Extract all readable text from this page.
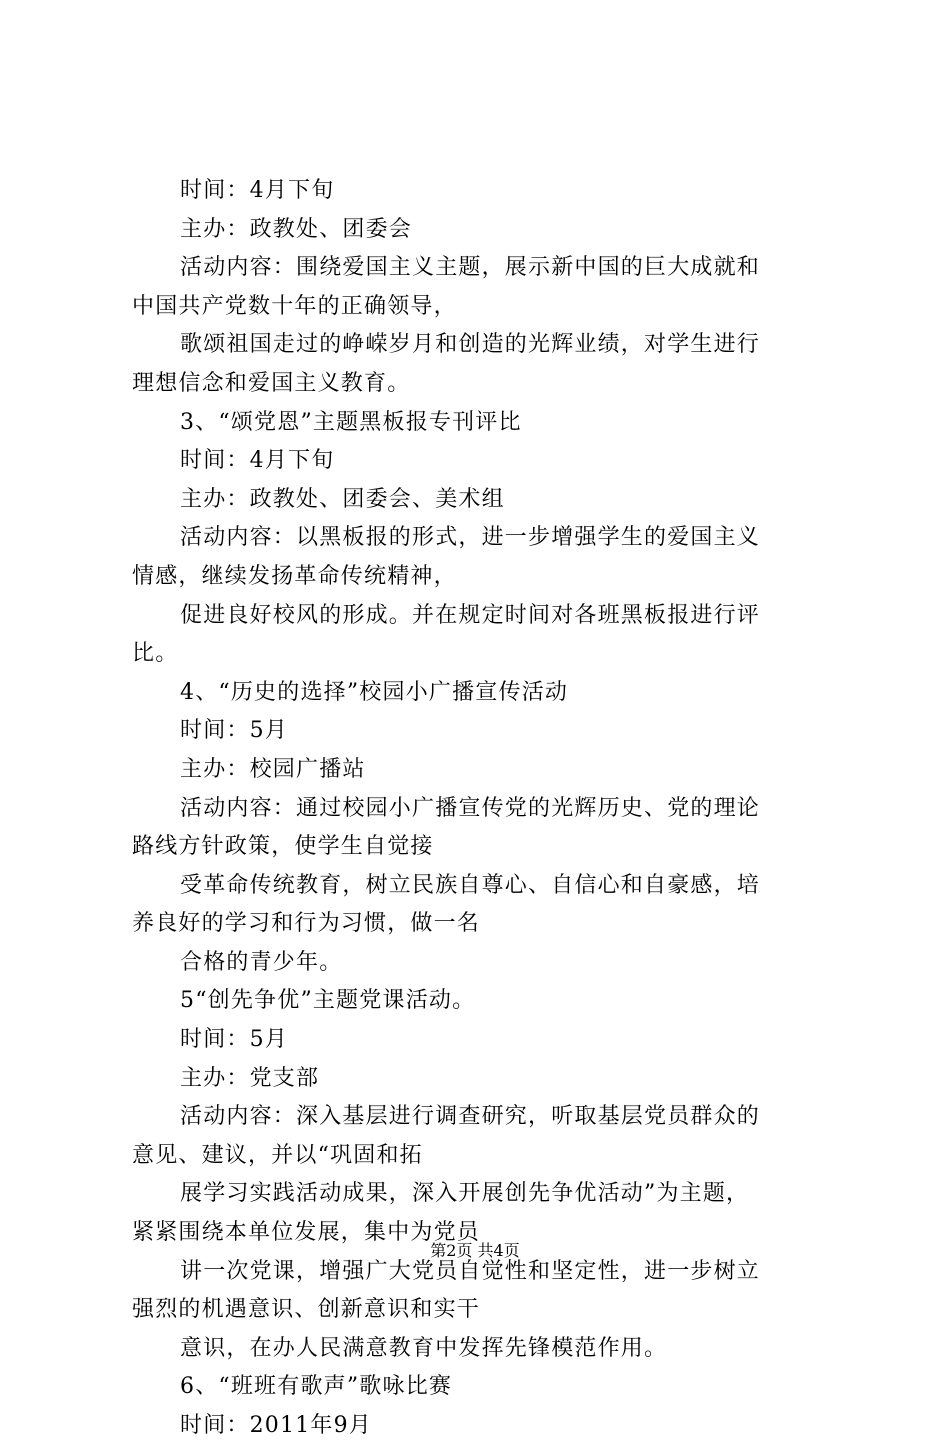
时间：4月下旬
主办：政教处、团委会
活动内容：围绕爱国主义主题，展示新中国的巨大成就和
中国共产党数十年的正确领导，
歌颂祖国走过的峥嵘岁月和创造的光辉业绩，对学生进行
理想信念和爱国主义教育。
3、“颂党恩”主题黑板报专刊评比
时间：4月下旬
主办：政教处、团委会、美术组
活动内容：以黑板报的形式，进一步增强学生的爱国主义
情感，继续发扬革命传统精神，
促进良好校风的形成。并在规定时间对各班黑板报进行评
比。
4、“历史的选择”校园小广播宣传活动
时间：5月
主办：校园广播站
活动内容：通过校园小广播宣传党的光辉历史、党的理论
路线方针政策，使学生自觉接
受革命传统教育，树立民族自尊心、自信心和自豪感，培
养良好的学习和行为习惯，做一名
合格的青少年。
5“创先争优”主题党课活动。
时间：5月
主办：党支部
活动内容：深入基层进行调查研究，听取基层党员群众的
意见、建议，并以“巩固和拓
展学习实践活动成果，深入开展创先争优活动”为主题，
紧紧围绕本单位发展，集中为党员
讲一次党课，增强广大党员自觉性和坚定性，进一步树立
强烈的机遇意识、创新意识和实干
意识，在办人民满意教育中发挥先锋模范作用。
6、“班班有歌声”歌咏比赛
时间：2011年9月
第2页 共4页
